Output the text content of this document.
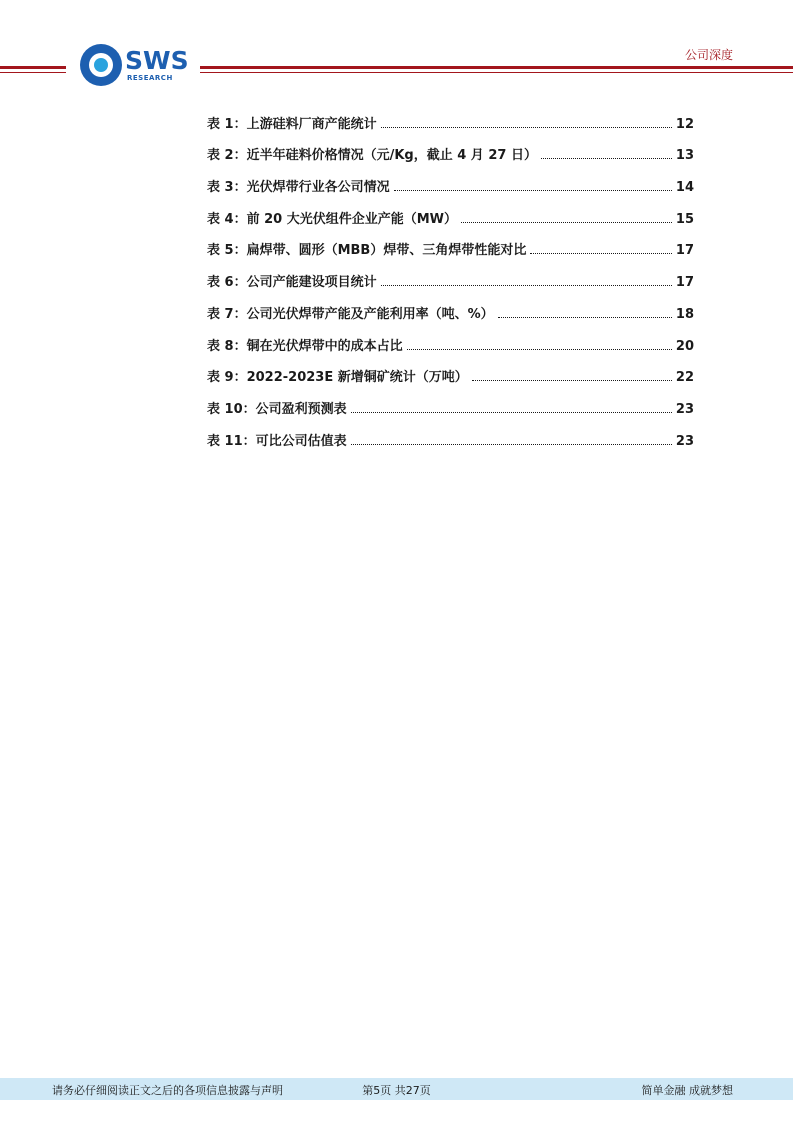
SWS
RESEARCH
公司深度
表 1：上游硅料厂商产能统计	12
表 2：近半年硅料价格情况（元/Kg，截止 4 月 27 日）	13
表 3：光伏焊带行业各公司情况	14
表 4：前 20 大光伏组件企业产能（MW）	15
表 5：扁焊带、圆形（MBB）焊带、三角焊带性能对比	17
表 6：公司产能建设项目统计	17
表 7：公司光伏焊带产能及产能利用率（吨、%）	18
表 8：铜在光伏焊带中的成本占比	20
表 9：2022-2023E 新增铜矿统计（万吨）	22
表 10：公司盈利预测表	23
表 11：可比公司估值表	23
请务必仔细阅读正文之后的各项信息披露与声明	第5页 共27页	简单金融 成就梦想
